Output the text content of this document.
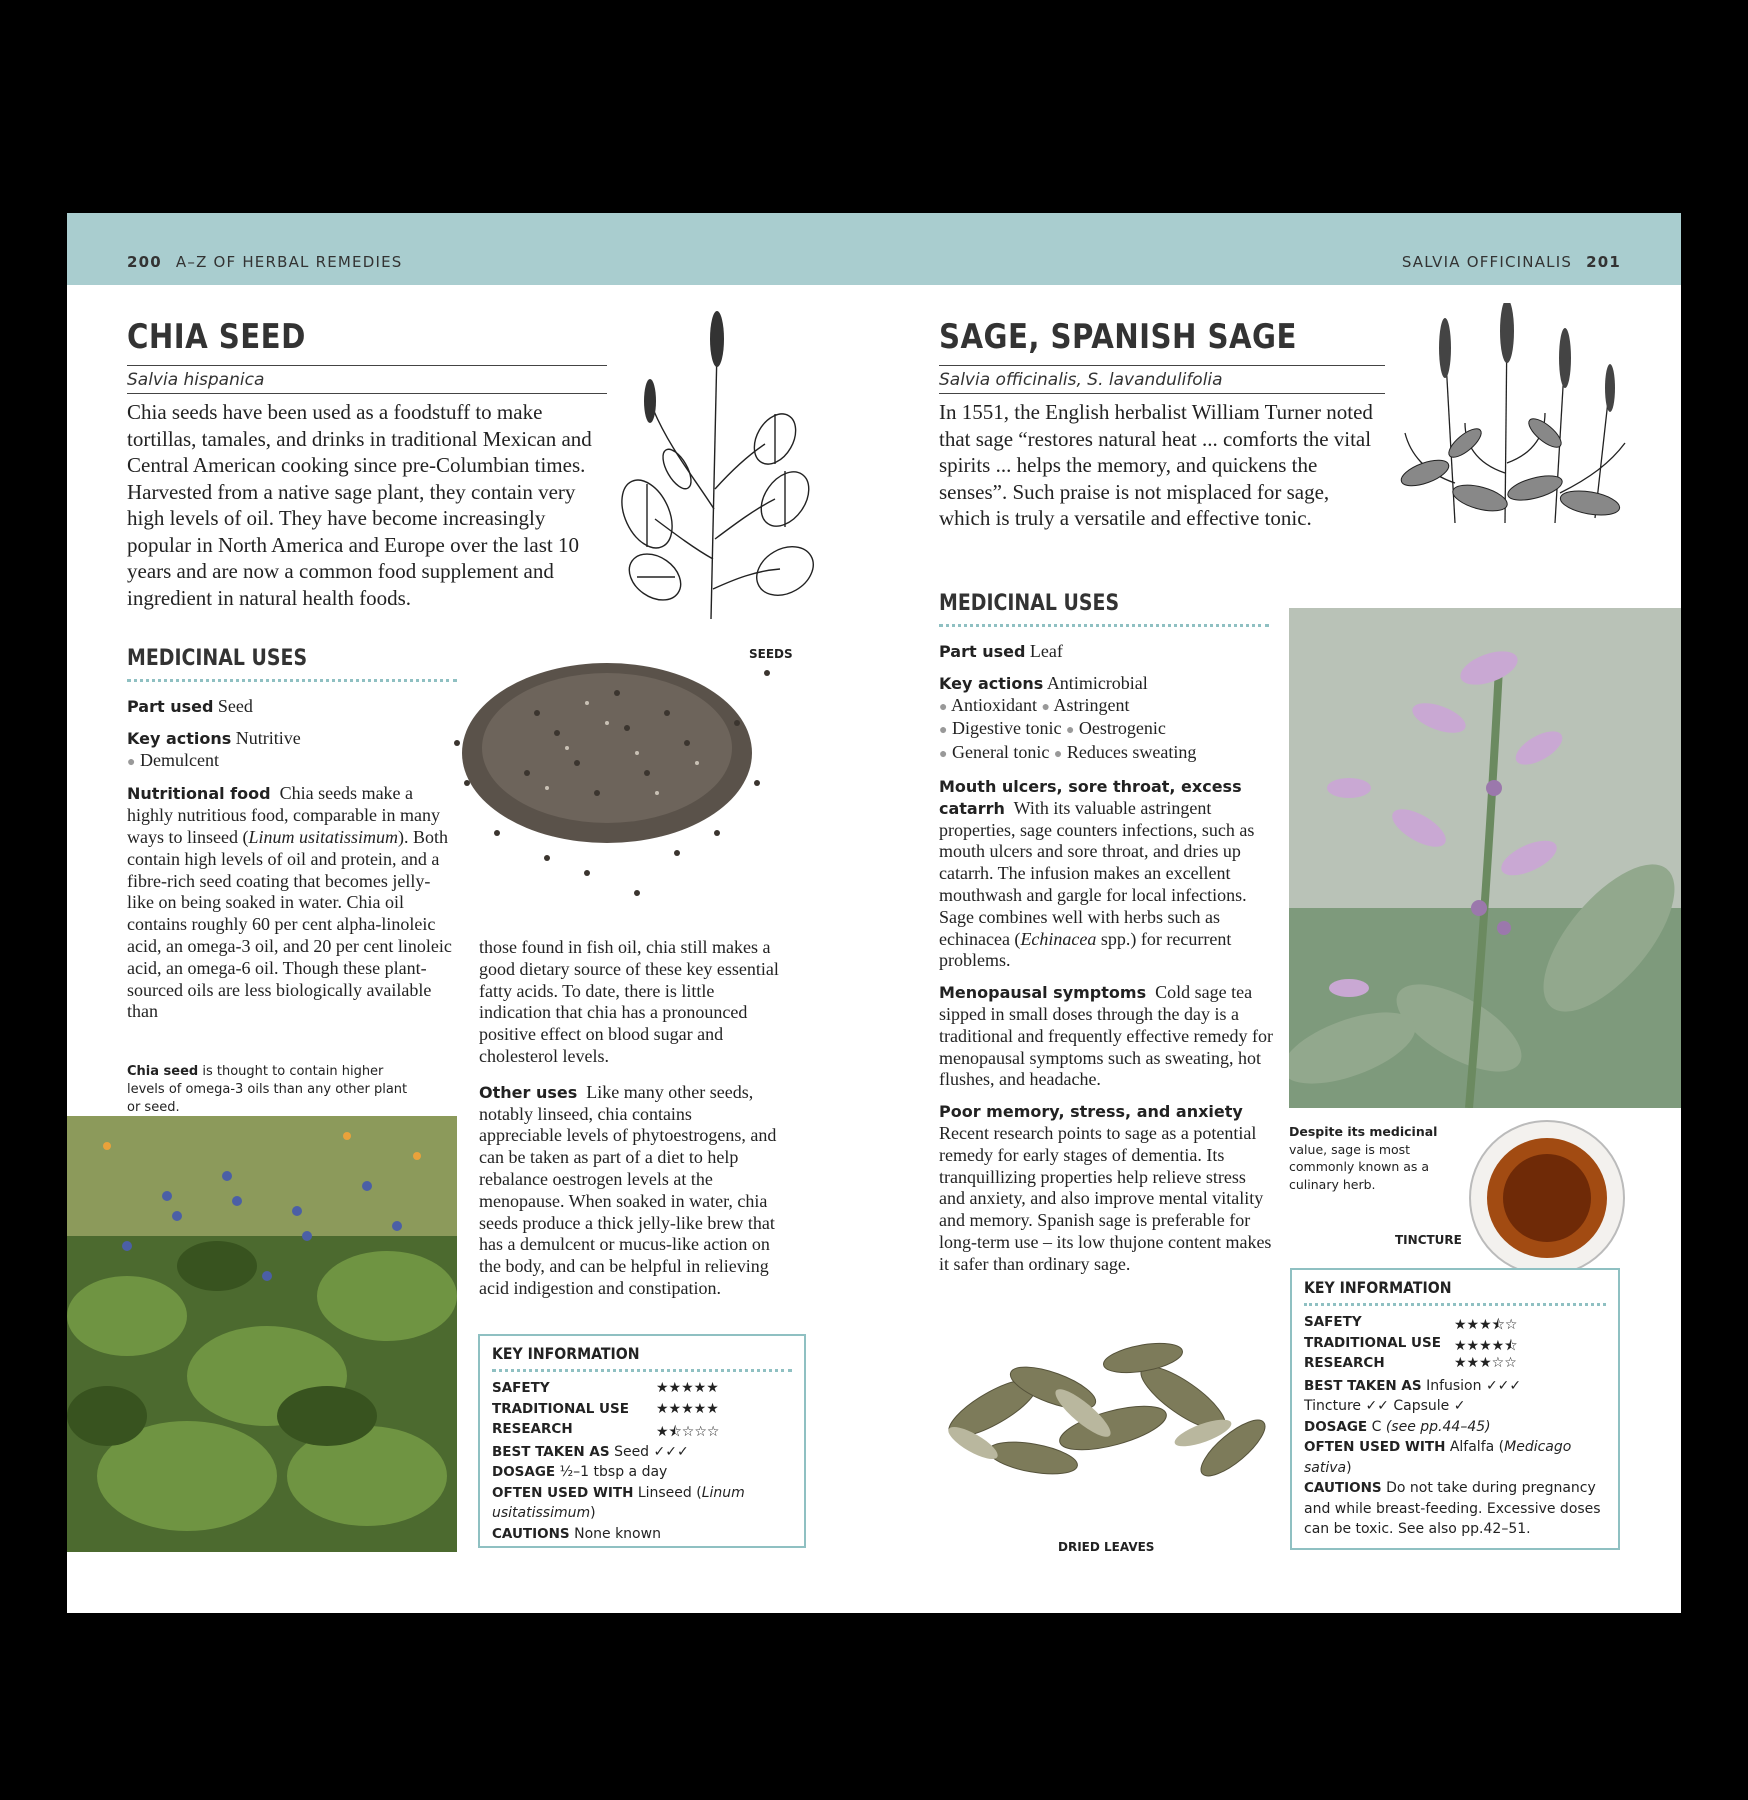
200 A–Z OF HERBAL REMEDIES	SALVIA OFFICINALIS 201
CHIA SEED
Salvia hispanica
Chia seeds have been used as a foodstuff to make tortillas, tamales, and drinks in traditional Mexican and Central American cooking since pre-Columbian times. Harvested from a native sage plant, they contain very high levels of oil. They have become increasingly popular in North America and Europe over the last 10 years and are now a common food supplement and ingredient in natural health foods.
MEDICINAL USES

Part used Seed

Key actions Nutritive
● Demulcent

Nutritional food Chia seeds make a highly nutritious food, comparable in many ways to linseed (Linum usitatissimum). Both contain high levels of oil and protein, and a fibre-rich seed coating that becomes jelly-like on being soaked in water. Chia oil contains roughly 60 per cent alpha-linoleic acid, an omega-3 oil, and 20 per cent linoleic acid, an omega-6 oil. Though these plant-sourced oils are less biologically available than

Chia seed is thought to contain higher levels of omega-3 oils than any other plant or seed.
SEEDS

those found in fish oil, chia still makes a good dietary source of these key essential fatty acids. To date, there is little indication that chia has a pronounced positive effect on blood sugar and cholesterol levels.

Other uses Like many other seeds, notably linseed, chia contains appreciable levels of phytoestrogens, and can be taken as part of a diet to help rebalance oestrogen levels at the menopause. When soaked in water, chia seeds produce a thick jelly-like brew that has a demulcent or mucus-like action on the body, and can be helpful in relieving acid indigestion and constipation.

KEY INFORMATION
SAFETY	★★★★★
TRADITIONAL USE ★★★★★
RESEARCH	★⯪☆☆☆
BEST TAKEN AS Seed ✓✓✓
DOSAGE ½–1 tbsp a day
OFTEN USED WITH Linseed (Linum usitatissimum)
CAUTIONS None known
SAGE, SPANISH SAGE
Salvia officinalis, S. lavandulifolia
In 1551, the English herbalist William Turner noted that sage “restores natural heat ... comforts the vital spirits ... helps the memory, and quickens the senses”. Such praise is not misplaced for sage, which is truly a versatile and effective tonic.
MEDICINAL USES

Part used Leaf

Key actions Antimicrobial
● Antioxidant ● Astringent
● Digestive tonic ● Oestrogenic
● General tonic ● Reduces sweating

Mouth ulcers, sore throat, excess catarrh With its valuable astringent properties, sage counters infections, such as mouth ulcers and sore throat, and dries up catarrh. The infusion makes an excellent mouthwash and gargle for local infections. Sage combines well with herbs such as echinacea (Echinacea spp.) for recurrent problems.

Menopausal symptoms Cold sage tea sipped in small doses through the day is a traditional and frequently effective remedy for menopausal symptoms such as sweating, hot flushes, and headache.

Poor memory, stress, and anxiety
Recent research points to sage as a potential remedy for early stages of dementia. Its tranquillizing properties help relieve stress and anxiety, and also improve mental vitality and memory. Spanish sage is preferable for long-term use – its low thujone content makes it safer than ordinary sage.

Despite its medicinal value, sage is most commonly known as a culinary herb.
TINCTURE
DRIED LEAVES
KEY INFORMATION
SAFETY	★★★⯪☆
TRADITIONAL USE ★★★★⯪
RESEARCH	★★★☆☆
BEST TAKEN AS Infusion ✓✓✓
Tincture ✓✓ Capsule ✓
DOSAGE C (see pp.44–45)
OFTEN USED WITH Alfalfa (Medicago sativa)
CAUTIONS Do not take during pregnancy and while breast-feeding. Excessive doses can be toxic. See also pp.42–51.
